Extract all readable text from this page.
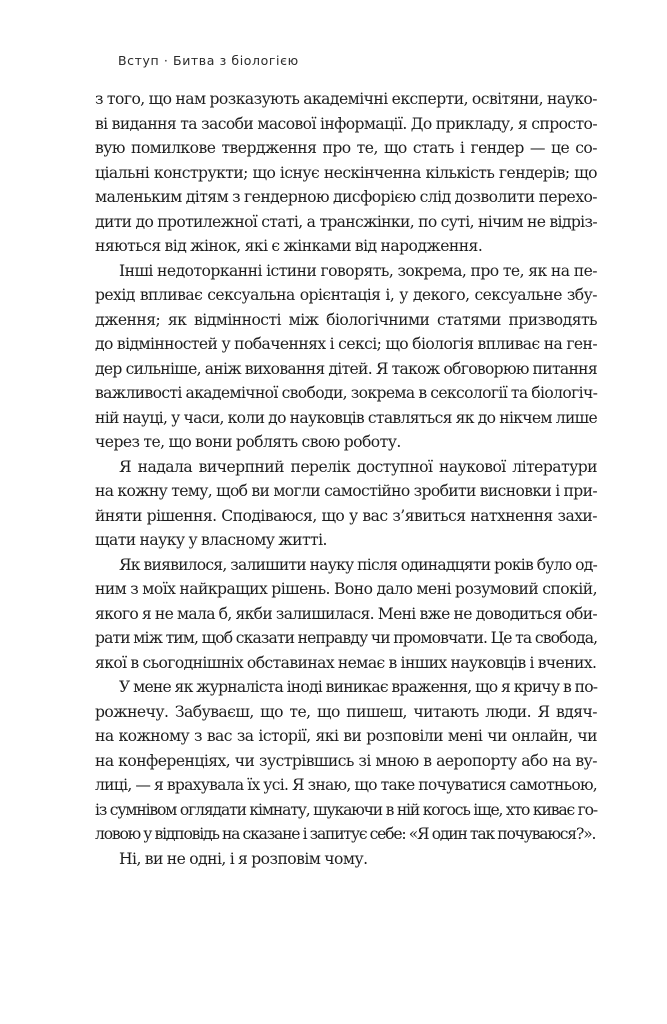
Вступ · Битва з біологією
з того, що нам розказують академічні експерти, освітяни, науко-
ві видання та засоби масової інформації. До прикладу, я спросто-
вую помилкове твердження про те, що стать і гендер — це со-
ціальні конструкти; що існує нескінченна кількість гендерів; що
маленьким дітям з гендерною дисфорією слід дозволити перехо-
дити до протилежної статі, а трансжінки, по суті, нічим не відріз-
няються від жінок, які є жінками від народження.
Інші недоторканні істини говорять, зокрема, про те, як на пе-
рехід впливає сексуальна орієнтація і, у декого, сексуальне збу-
дження; як відмінності між біологічними статями призводять
до відмінностей у побаченнях і сексі; що біологія впливає на ген-
дер сильніше, аніж виховання дітей. Я також обговорюю питання
важливості академічної свободи, зокрема в сексології та біологіч-
ній науці, у часи, коли до науковців ставляться як до нікчем лише
через те, що вони роблять свою роботу.
Я надала вичерпний перелік доступної наукової літератури
на кожну тему, щоб ви могли самостійно зробити висновки і при-
йняти рішення. Сподіваюся, що у вас з’явиться натхнення захи-
щати науку у власному житті.
Як виявилося, залишити науку після одинадцяти років було од-
ним з моїх найкращих рішень. Воно дало мені розумовий спокій,
якого я не мала б, якби залишилася. Мені вже не доводиться оби-
рати між тим, щоб сказати неправду чи промовчати. Це та свобода,
якої в сьогоднішніх обставинах немає в інших науковців і вчених.
У мене як журналіста іноді виникає враження, що я кричу в по-
рожнечу. Забуваєш, що те, що пишеш, читають люди. Я вдяч-
на кожному з вас за історії, які ви розповіли мені чи онлайн, чи
на конференціях, чи зустрівшись зі мною в аеропорту або на ву-
лиці, — я врахувала їх усі. Я знаю, що таке почуватися самотньою,
із сумнівом оглядати кімнату, шукаючи в ній когось іще, хто киває го-
ловою у відповідь на сказане і запитує себе: «Я один так почуваюся?».
Ні, ви не одні, і я розповім чому.
